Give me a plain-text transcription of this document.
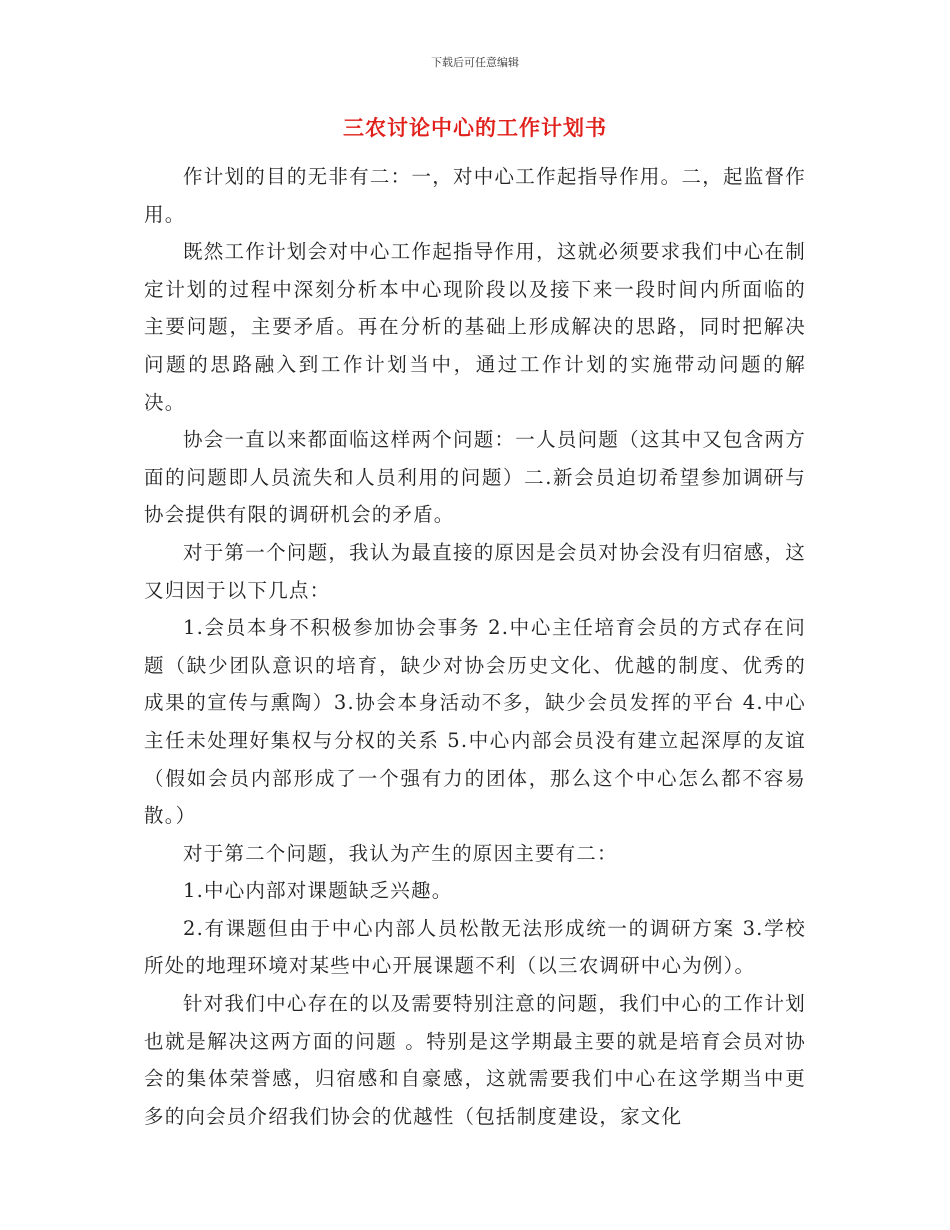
下载后可任意编辑
三农讨论中心的工作计划书

作计划的目的无非有二：一，对中心工作起指导作用。二，起监督作用。

既然工作计划会对中心工作起指导作用，这就必须要求我们中心在制定计划的过程中深刻分析本中心现阶段以及接下来一段时间内所面临的主要问题，主要矛盾。再在分析的基础上形成解决的思路，同时把解决问题的思路融入到工作计划当中，通过工作计划的实施带动问题的解决。

协会一直以来都面临这样两个问题：一人员问题（这其中又包含两方面的问题即人员流失和人员利用的问题）二.新会员迫切希望参加调研与协会提供有限的调研机会的矛盾。

对于第一个问题，我认为最直接的原因是会员对协会没有归宿感，这又归因于以下几点：

1.会员本身不积极参加协会事务 2.中心主任培育会员的方式存在问题（缺少团队意识的培育，缺少对协会历史文化、优越的制度、优秀的成果的宣传与熏陶）3.协会本身活动不多，缺少会员发挥的平台 4.中心主任未处理好集权与分权的关系 5.中心内部会员没有建立起深厚的友谊（假如会员内部形成了一个强有力的团体，那么这个中心怎么都不容易散。）

对于第二个问题，我认为产生的原因主要有二：

1.中心内部对课题缺乏兴趣。

2.有课题但由于中心内部人员松散无法形成统一的调研方案 3.学校所处的地理环境对某些中心开展课题不利（以三农调研中心为例）。

针对我们中心存在的以及需要特别注意的问题，我们中心的工作计划也就是解决这两方面的问题 。特别是这学期最主要的就是培育会员对协会的集体荣誉感，归宿感和自豪感，这就需要我们中心在这学期当中更多的向会员介绍我们协会的优越性（包括制度建设，家文化
